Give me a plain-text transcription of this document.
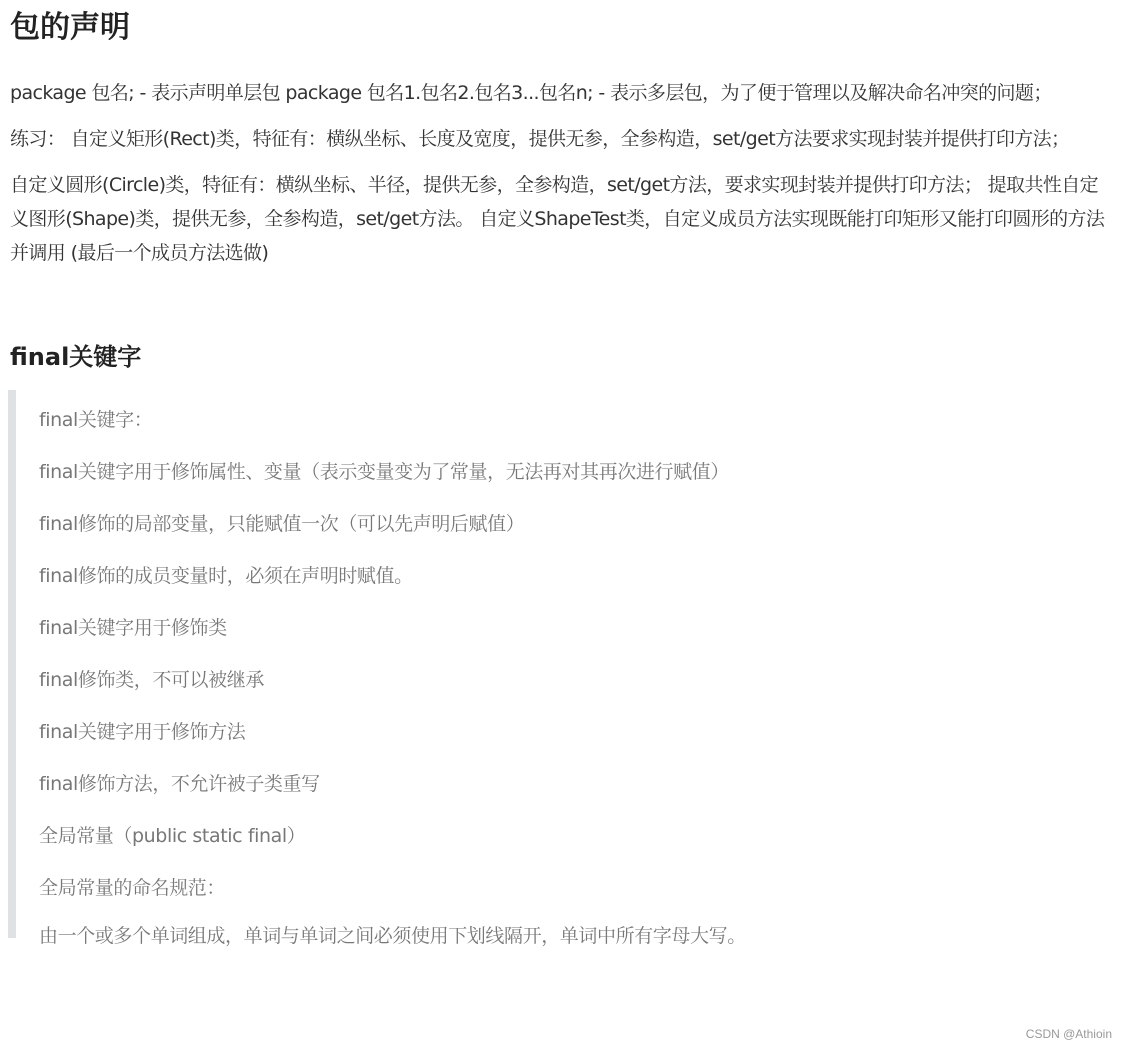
包的声明

package 包名; - 表示声明单层包 package 包名1.包名2.包名3...包名n; - 表示多层包，为了便于管理以及解决命名冲突的问题；

练习： 自定义矩形(Rect)类，特征有：横纵坐标、长度及宽度，提供无参，全参构造，set/get方法要求实现封装并提供打印方法；

自定义圆形(Circle)类，特征有：横纵坐标、半径，提供无参，全参构造，set/get方法，要求实现封装并提供打印方法； 提取共性自定义图形(Shape)类，提供无参，全参构造，set/get方法。 自定义ShapeTest类，自定义成员方法实现既能打印矩形又能打印圆形的方法并调用 (最后一个成员方法选做)

final关键字

final关键字：

final关键字用于修饰属性、变量（表示变量变为了常量，无法再对其再次进行赋值）

final修饰的局部变量，只能赋值一次（可以先声明后赋值）

final修饰的成员变量时，必须在声明时赋值。

final关键字用于修饰类

final修饰类，不可以被继承

final关键字用于修饰方法

final修饰方法，不允许被子类重写

全局常量（public static final）

全局常量的命名规范：

由一个或多个单词组成，单词与单词之间必须使用下划线隔开，单词中所有字母大写。

CSDN @Athioin
